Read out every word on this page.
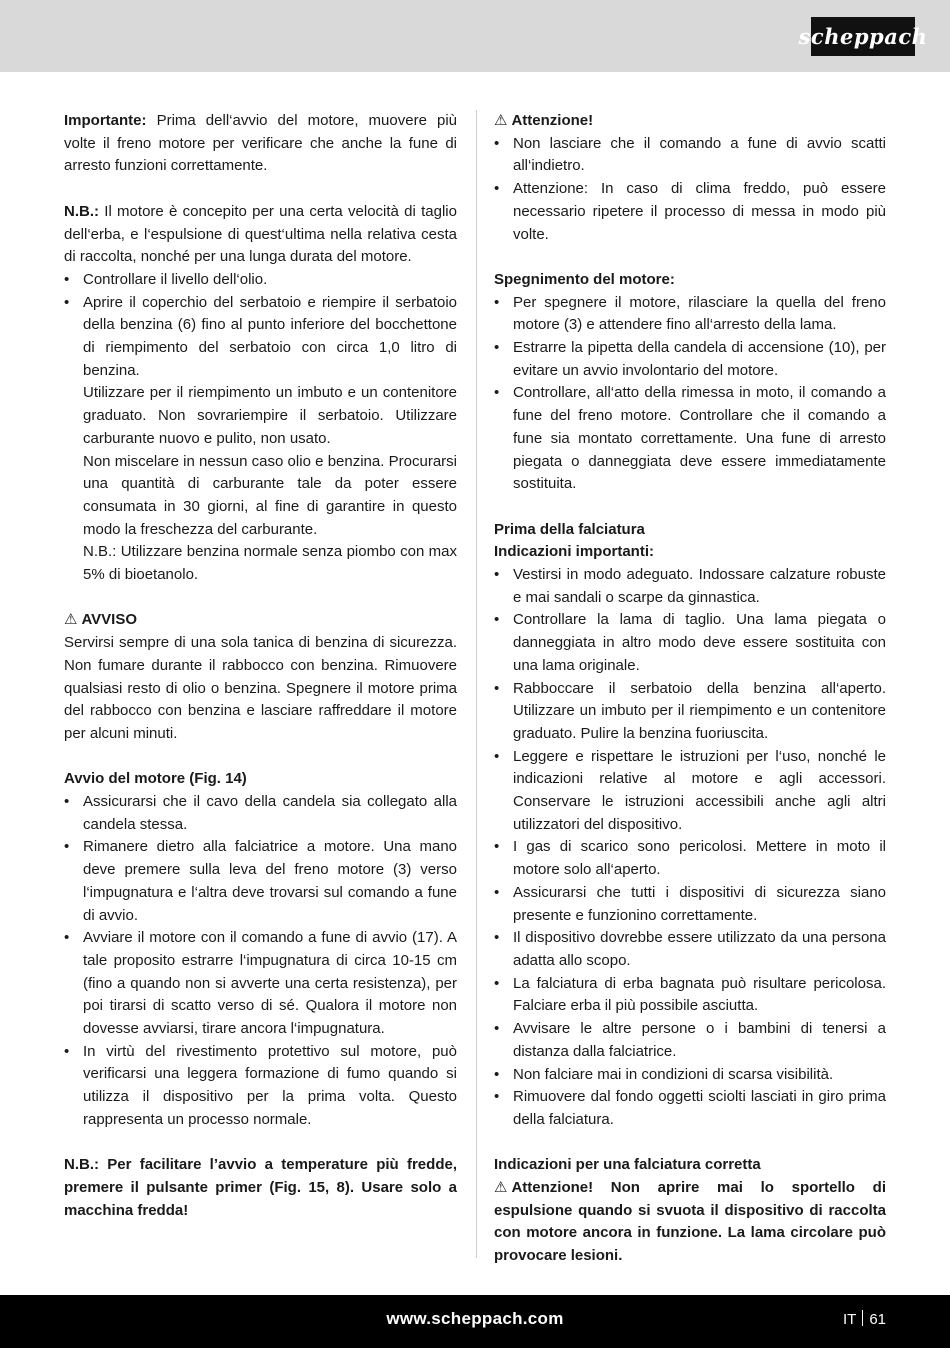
scheppach

Importante: Prima dell‘avvio del motore, muovere più volte il freno motore per verificare che anche la fune di arresto funzioni correttamente.

N.B.: Il motore è concepito per una certa velocità di taglio dell‘erba, e l‘espulsione di quest‘ultima nella relativa cesta di raccolta, nonché per una lunga durata del motore.

• Controllare il livello dell‘olio.
• Aprire il coperchio del serbatoio e riempire il serbatoio della benzina (6) fino al punto inferiore del bocchettone di riempimento del serbatoio con circa 1,0 litro di benzina.

Utilizzare per il riempimento un imbuto e un contenitore graduato. Non sovrariempire il serbatoio. Utilizzare carburante nuovo e pulito, non usato.

Non miscelare in nessun caso olio e benzina. Procurarsi una quantità di carburante tale da poter essere consumata in 30 giorni, al fine di garantire in questo modo la freschezza del carburante.

N.B.: Utilizzare benzina normale senza piombo con max 5% di bioetanolo.

⚠ AVVISO

Servirsi sempre di una sola tanica di benzina di sicurezza. Non fumare durante il rabbocco con benzina. Rimuovere qualsiasi resto di olio o benzina. Spegnere il motore prima del rabbocco con benzina e lasciare raffreddare il motore per alcuni minuti.

Avvio del motore (Fig. 14)

• Assicurarsi che il cavo della candela sia collegato alla candela stessa.
• Rimanere dietro alla falciatrice a motore. Una mano deve premere sulla leva del freno motore (3) verso l‘impugnatura e l‘altra deve trovarsi sul comando a fune di avvio.
• Avviare il motore con il comando a fune di avvio (17). A tale proposito estrarre l‘impugnatura di circa 10-15 cm (fino a quando non si avverte una certa resistenza), per poi tirarsi di scatto verso di sé. Qualora il motore non dovesse avviarsi, tirare ancora l‘impugnatura.
• In virtù del rivestimento protettivo sul motore, può verificarsi una leggera formazione di fumo quando si utilizza il dispositivo per la prima volta. Questo rappresenta un processo normale.

N.B.: Per facilitare l’avvio a temperature più fredde, premere il pulsante primer (Fig. 15, 8). Usare solo a macchina fredda!

⚠ Attenzione!

• Non lasciare che il comando a fune di avvio scatti all‘indietro.
• Attenzione: In caso di clima freddo, può essere necessario ripetere il processo di messa in modo più volte.

Spegnimento del motore:

• Per spegnere il motore, rilasciare la quella del freno motore (3) e attendere fino all‘arresto della lama.
• Estrarre la pipetta della candela di accensione (10), per evitare un avvio involontario del motore.
• Controllare, all‘atto della rimessa in moto, il comando a fune del freno motore. Controllare che il comando a fune sia montato correttamente. Una fune di arresto piegata o danneggiata deve essere immediatamente sostituita.

Prima della falciatura

Indicazioni importanti:

• Vestirsi in modo adeguato. Indossare calzature robuste e mai sandali o scarpe da ginnastica.
• Controllare la lama di taglio. Una lama piegata o danneggiata in altro modo deve essere sostituita con una lama originale.
• Rabboccare il serbatoio della benzina all‘aperto. Utilizzare un imbuto per il riempimento e un contenitore graduato. Pulire la benzina fuoriuscita.
• Leggere e rispettare le istruzioni per l‘uso, nonché le indicazioni relative al motore e agli accessori. Conservare le istruzioni accessibili anche agli altri utilizzatori del dispositivo.
• I gas di scarico sono pericolosi. Mettere in moto il motore solo all‘aperto.
• Assicurarsi che tutti i dispositivi di sicurezza siano presente e funzionino correttamente.
• Il dispositivo dovrebbe essere utilizzato da una persona adatta allo scopo.
• La falciatura di erba bagnata può risultare pericolosa. Falciare erba il più possibile asciutta.
• Avvisare le altre persone o i bambini di tenersi a distanza dalla falciatrice.
• Non falciare mai in condizioni di scarsa visibilità.
• Rimuovere dal fondo oggetti sciolti lasciati in giro prima della falciatura.

Indicazioni per una falciatura corretta

⚠ Attenzione! Non aprire mai lo sportello di espulsione quando si svuota il dispositivo di raccolta con motore ancora in funzione. La lama circolare può provocare lesioni.

www.scheppach.com	IT 61
